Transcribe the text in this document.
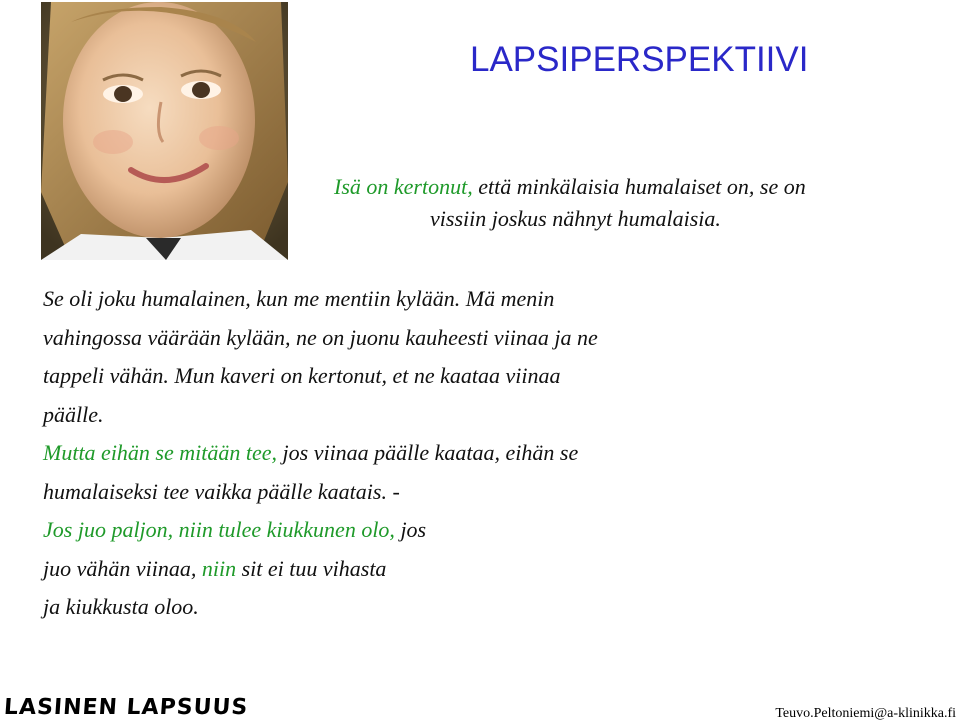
LAPSIPERSPEKTIIVI
Isä on kertonut, että minkälaisia humalaiset on, se on
vissiin joskus nähnyt humalaisia.
Se oli joku humalainen, kun me mentiin kylään. Mä menin
vahingossa väärään kylään, ne on juonu kauheesti viinaa ja ne
tappeli vähän. Mun kaveri on kertonut, et ne kaataa viinaa
päälle.
Mutta eihän se mitään tee, jos viinaa päälle kaataa, eihän se
humalaiseksi tee vaikka päälle kaatais. -
Jos juo paljon, niin tulee kiukkunen olo, jos
juo vähän viinaa, niin sit ei tuu vihasta
ja kiukkusta oloo.
LASINEN LAPSUUS	Teuvo.Peltoniemi@a-klinikka.fi
